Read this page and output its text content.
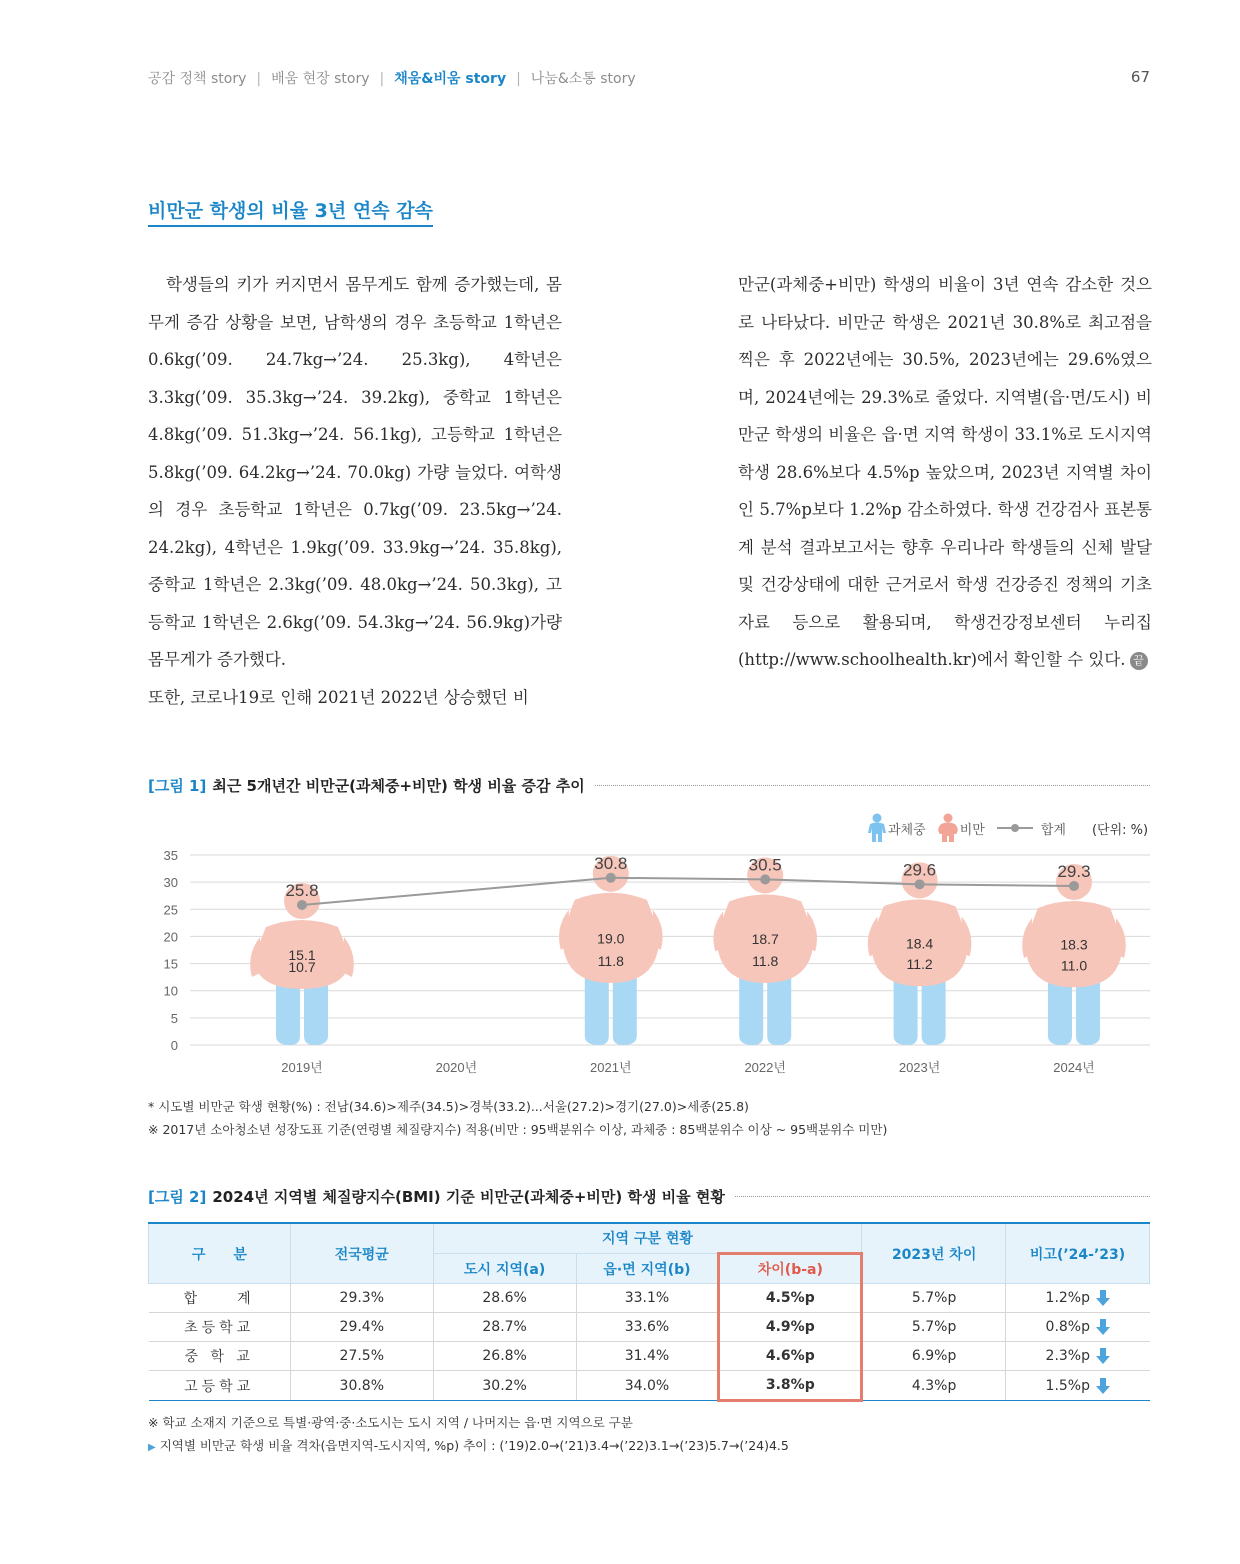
공감 정책 story | 배움 현장 story | 채움&비움 story | 나눔&소통 story	67
비만군 학생의 비율 3년 연속 감속

　학생들의 키가 커지면서 몸무게도 함께 증가했는데, 몸무게 증감 상황을 보면, 남학생의 경우 초등학교 1학년은 0.6kg(’09. 24.7kg→’24. 25.3kg), 4학년은 3.3kg(’09. 35.3kg→’24. 39.2kg), 중학교 1학년은 4.8kg(’09. 51.3kg→’24. 56.1kg), 고등학교 1학년은 5.8kg(’09. 64.2kg→’24. 70.0kg) 가량 늘었다. 여학생의 경우 초등학교 1학년은 0.7kg(’09. 23.5kg→’24. 24.2kg), 4학년은 1.9kg(’09. 33.9kg→’24. 35.8kg), 중학교 1학년은 2.3kg(’09. 48.0kg→’24. 50.3kg), 고등학교 1학년은 2.6kg(’09. 54.3kg→’24. 56.9kg)가량 몸무게가 증가했다.

또한, 코로나19로 인해 2021년 2022년 상승했던 비

만군(과체중+비만) 학생의 비율이 3년 연속 감소한 것으로 나타났다. 비만군 학생은 2021년 30.8%로 최고점을 찍은 후 2022년에는 30.5%, 2023년에는 29.6%였으며, 2024년에는 29.3%로 줄었다. 지역별(읍·면/도시) 비만군 학생의 비율은 읍·면 지역 학생이 33.1%로 도시지역 학생 28.6%보다 4.5%p 높았으며, 2023년 지역별 차이인 5.7%p보다 1.2%p 감소하였다. 학생 건강검사 표본통계 분석 결과보고서는 향후 우리나라 학생들의 신체 발달 및 건강상태에 대한 근거로서 학생 건강증진 정책의 기초자료 등으로 활용되며, 학생건강정보센터 누리집(http://www.schoolhealth.kr)에서 확인할 수 있다. 끝

[그림 1] 최근 5개년간 비만군(과체중+비만) 학생 비율 증감 추이
과체중	비만	합계 (단위: %)
0
5
10
15
20
25
30
35
2019년
10.7
15.1
2020년	2021년
11.8
19.0
2022년
11.8
18.7
2023년
11.2
18.4
2024년
11.0
18.3
25.8
30.8	30.5	29.6	29.3
* 시도별 비만군 학생 현황(%) : 전남(34.6)>제주(34.5)>경북(33.2)...서울(27.2)>경기(27.0)>세종(25.8)
※ 2017년 소아청소년 성장도표 기준(연령별 체질량지수) 적용(비만 : 95백분위수 이상, 과체중 : 85백분위수 이상 ~ 95백분위수 미만)
[그림 2] 2024년 지역별 체질량지수(BMI) 기준 비만군(과체중+비만) 학생 비율 현황
구　　분	전국평균	지역 구분 현황			2023년 차이	비고(’24-’23)
		도시 지역(a)	읍·면 지역(b)	차이(b-a)		
합　　계	29.3%	28.6%	33.1%	4.5%p	5.7%p	1.2%p
초등학교	29.4%	28.7%	33.6%	4.9%p	5.7%p	0.8%p
중 학 교	27.5%	26.8%	31.4%	4.6%p	6.9%p	2.3%p
고등학교	30.8%	30.2%	34.0%	3.8%p	4.3%p	1.5%p
※ 학교 소재지 기준으로 특별·광역·중·소도시는 도시 지역 / 나머지는 읍·면 지역으로 구분
▶ 지역별 비만군 학생 비율 격차(읍면지역-도시지역, %p) 추이 : (’19)2.0→(’21)3.4→(’22)3.1→(’23)5.7→(’24)4.5
